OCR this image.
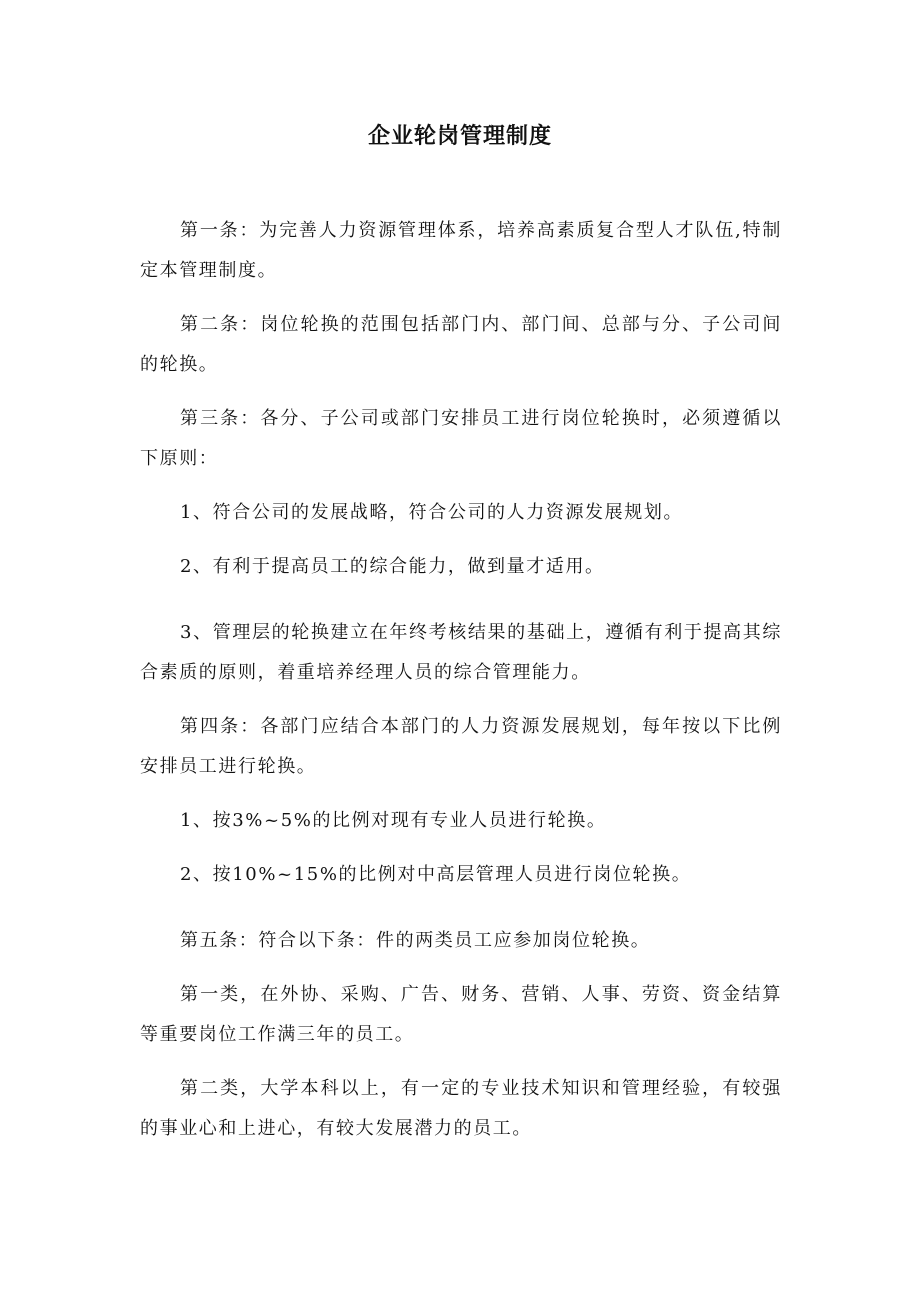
企业轮岗管理制度

第一条：为完善人力资源管理体系，培养高素质复合型人才队伍,特制定本管理制度。

第二条：岗位轮换的范围包括部门内、部门间、总部与分、子公司间的轮换。

第三条：各分、子公司或部门安排员工进行岗位轮换时，必须遵循以下原则：

1、符合公司的发展战略，符合公司的人力资源发展规划。

2、有利于提高员工的综合能力，做到量才适用。

3、管理层的轮换建立在年终考核结果的基础上，遵循有利于提高其综合素质的原则，着重培养经理人员的综合管理能力。

第四条：各部门应结合本部门的人力资源发展规划，每年按以下比例安排员工进行轮换。

1、按3%~5%的比例对现有专业人员进行轮换。

2、按10%~15%的比例对中高层管理人员进行岗位轮换。

第五条：符合以下条：件的两类员工应参加岗位轮换。

第一类，在外协、采购、广告、财务、营销、人事、劳资、资金结算等重要岗位工作满三年的员工。

第二类，大学本科以上，有一定的专业技术知识和管理经验，有较强的事业心和上进心，有较大发展潜力的员工。
